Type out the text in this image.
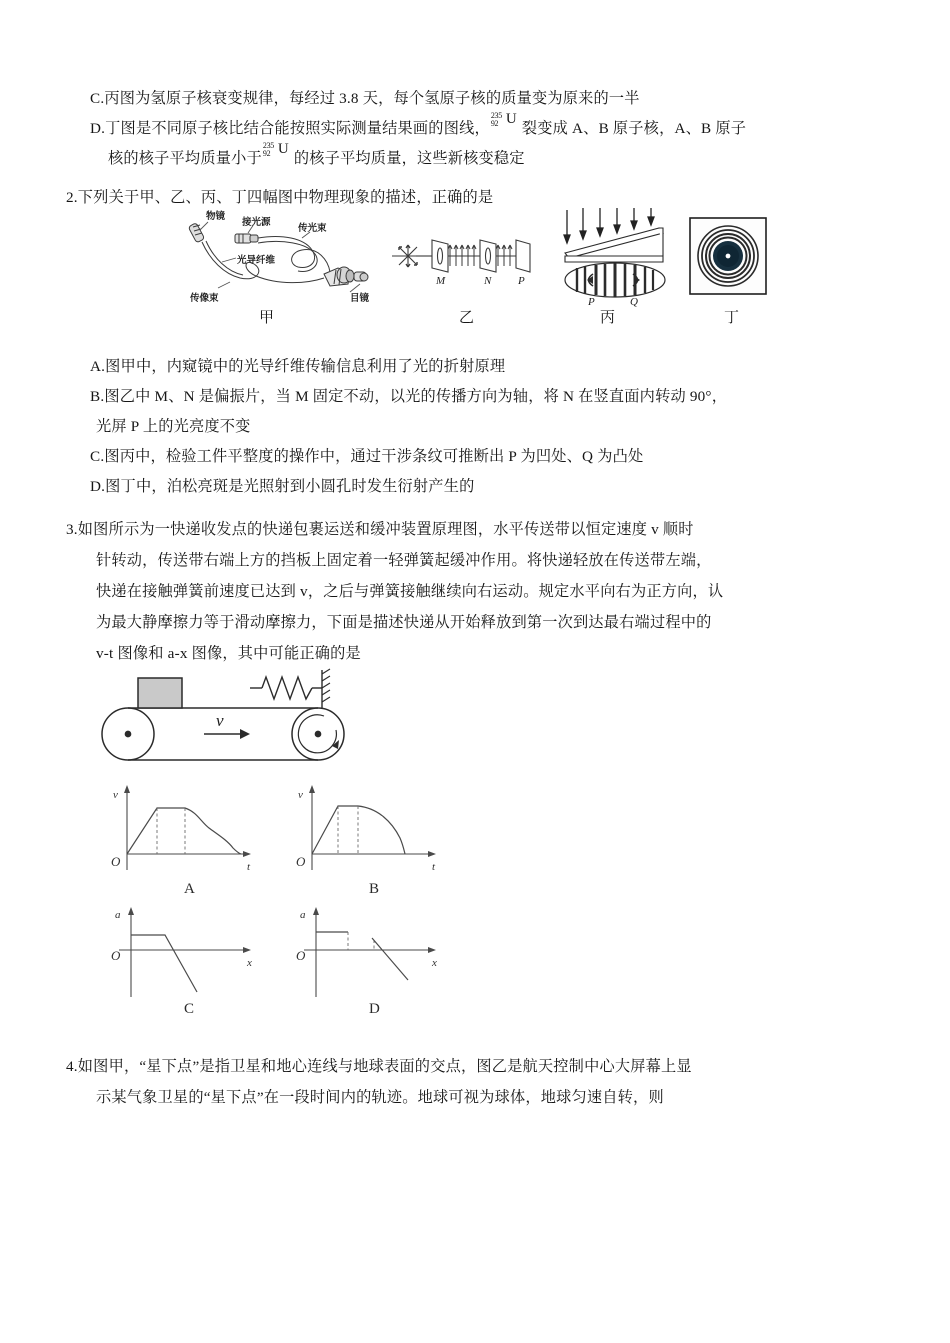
C.丙图为氢原子核衰变规律，每经过 3.8 天，每个氢原子核的质量变为原来的一半
D.丁图是不同原子核比结合能按照实际测量结果画的图线，
235
92 U
裂变成 A、B 原子核，A、B 原子
核的核子平均质量小于
235
92 U
的核子平均质量，这些新核变稳定
2.下列关于甲、乙、丙、丁四幅图中物理现象的描述，正确的是
物镜
接光源
传光束
光导纤维
传像束	目镜
M	N P
P	Q
甲	乙	丙	丁
A.图甲中，内窥镜中的光导纤维传输信息利用了光的折射原理
B.图乙中 M、N 是偏振片，当 M 固定不动，以光的传播方向为轴，将 N 在竖直面内转动 90°，
光屏 P 上的光亮度不变
C.图丙中，检验工件平整度的操作中，通过干涉条纹可推断出 P 为凹处、Q 为凸处
D.图丁中，泊松亮斑是光照射到小圆孔时发生衍射产生的
3.如图所示为一快递收发点的快递包裹运送和缓冲装置原理图，水平传送带以恒定速度 v 顺时
针转动，传送带右端上方的挡板上固定着一轻弹簧起缓冲作用。将快递轻放在传送带左端，
快递在接触弹簧前速度已达到 v，之后与弹簧接触继续向右运动。规定水平向右为正方向，认
为最大静摩擦力等于滑动摩擦力，下面是描述快递从开始释放到第一次到达最右端过程中的
v-t 图像和 a-x 图像，其中可能正确的是
v
v
t
O
A
v
t
O
B
a
x
O
C
a
x
O
D
4.如图甲，“星下点”是指卫星和地心连线与地球表面的交点，图乙是航天控制中心大屏幕上显
示某气象卫星的“星下点”在一段时间内的轨迹。地球可视为球体，地球匀速自转，则
